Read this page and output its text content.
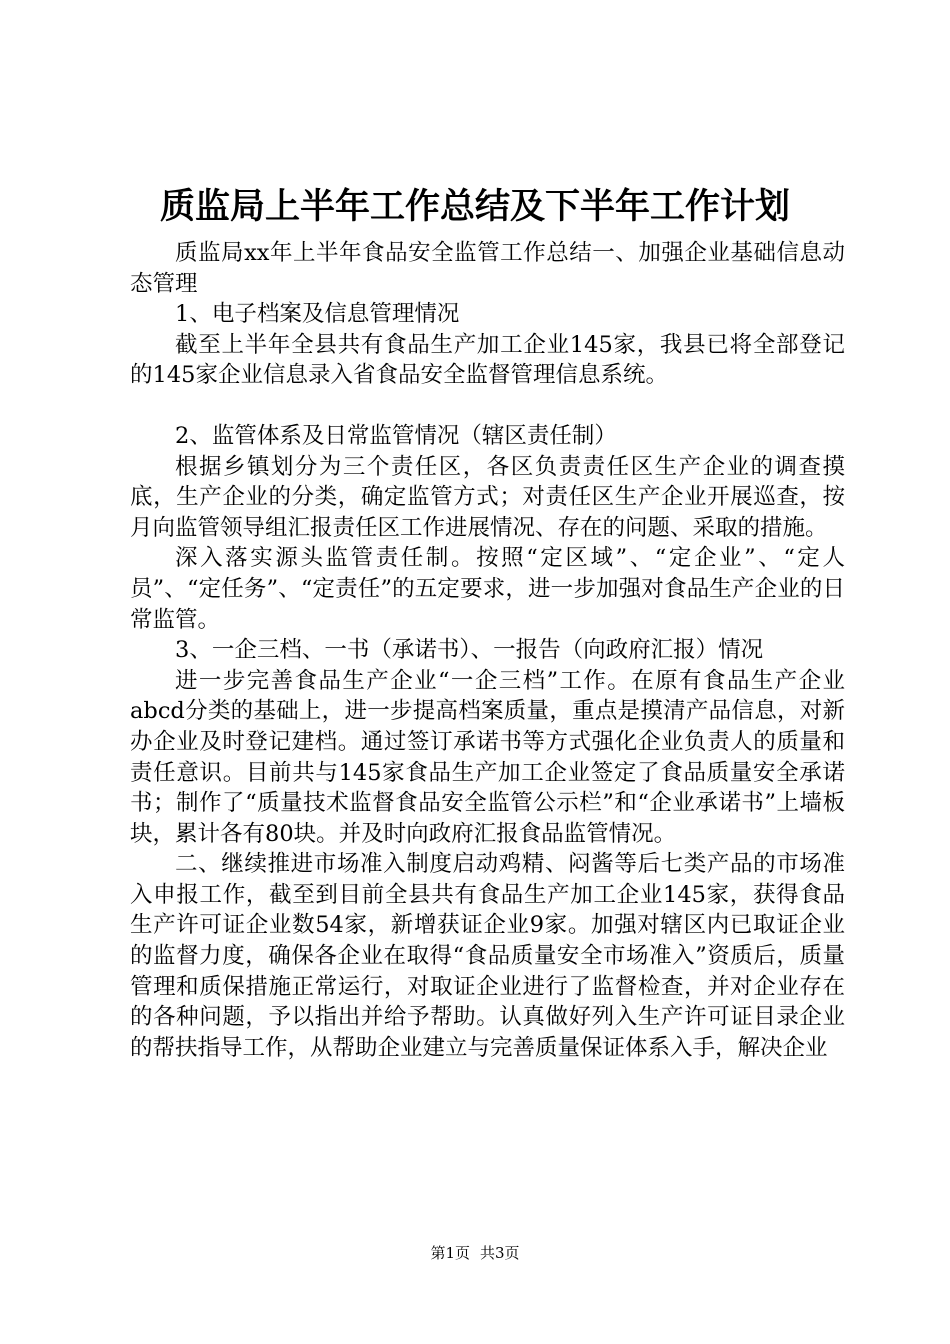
质监局上半年工作总结及下半年工作计划

质监局xx年上半年食品安全监管工作总结一、加强企业基础信息动态管理

1、电子档案及信息管理情况

截至上半年全县共有食品生产加工企业145家，我县已将全部登记的145家企业信息录入省食品安全监督管理信息系统。

2、监管体系及日常监管情况（辖区责任制）

根据乡镇划分为三个责任区，各区负责责任区生产企业的调查摸底，生产企业的分类，确定监管方式；对责任区生产企业开展巡查，按月向监管领导组汇报责任区工作进展情况、存在的问题、采取的措施。

深入落实源头监管责任制。按照“定区域”、“定企业”、“定人员”、“定任务”、“定责任”的五定要求，进一步加强对食品生产企业的日常监管。

3、一企三档、一书（承诺书）、一报告（向政府汇报）情况

进一步完善食品生产企业“一企三档”工作。在原有食品生产企业abcd分类的基础上，进一步提高档案质量，重点是摸清产品信息，对新办企业及时登记建档。通过签订承诺书等方式强化企业负责人的质量和责任意识。目前共与145家食品生产加工企业签定了食品质量安全承诺书；制作了“质量技术监督食品安全监管公示栏”和“企业承诺书”上墙板块，累计各有80块。并及时向政府汇报食品监管情况。

二、继续推进市场准入制度启动鸡精、闷酱等后七类产品的市场准入申报工作，截至到目前全县共有食品生产加工企业145家，获得食品生产许可证企业数54家，新增获证企业9家。加强对辖区内已取证企业的监督力度，确保各企业在取得“食品质量安全市场准入”资质后，质量管理和质保措施正常运行，对取证企业进行了监督检查，并对企业存在的各种问题，予以指出并给予帮助。认真做好列入生产许可证目录企业的帮扶指导工作，从帮助企业建立与完善质量保证体系入手，解决企业

第1页 共3页
